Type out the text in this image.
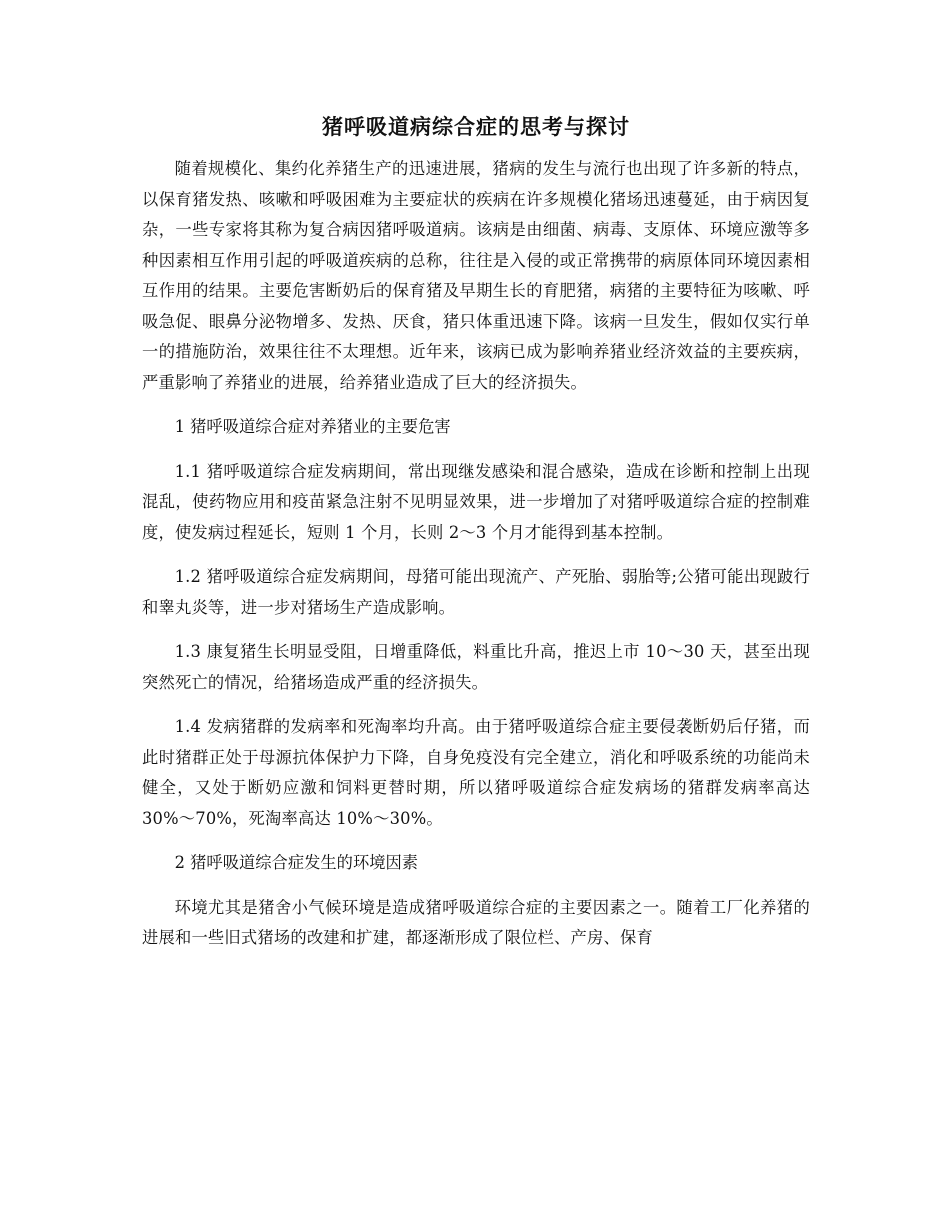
猪呼吸道病综合症的思考与探讨

随着规模化、集约化养猪生产的迅速进展，猪病的发生与流行也出现了许多新的特点，以保育猪发热、咳嗽和呼吸困难为主要症状的疾病在许多规模化猪场迅速蔓延，由于病因复杂，一些专家将其称为复合病因猪呼吸道病。该病是由细菌、病毒、支原体、环境应激等多种因素相互作用引起的呼吸道疾病的总称，往往是入侵的或正常携带的病原体同环境因素相互作用的结果。主要危害断奶后的保育猪及早期生长的育肥猪，病猪的主要特征为咳嗽、呼吸急促、眼鼻分泌物增多、发热、厌食，猪只体重迅速下降。该病一旦发生，假如仅实行单一的措施防治，效果往往不太理想。近年来，该病已成为影响养猪业经济效益的主要疾病，严重影响了养猪业的进展，给养猪业造成了巨大的经济损失。

1 猪呼吸道综合症对养猪业的主要危害

1.1 猪呼吸道综合症发病期间，常出现继发感染和混合感染，造成在诊断和控制上出现混乱，使药物应用和疫苗紧急注射不见明显效果，进一步增加了对猪呼吸道综合症的控制难度，使发病过程延长，短则 1 个月，长则 2～3 个月才能得到基本控制。

1.2 猪呼吸道综合症发病期间，母猪可能出现流产、产死胎、弱胎等;公猪可能出现跛行和睾丸炎等，进一步对猪场生产造成影响。

1.3 康复猪生长明显受阻，日增重降低，料重比升高，推迟上市 10～30 天，甚至出现突然死亡的情况，给猪场造成严重的经济损失。

1.4 发病猪群的发病率和死淘率均升高。由于猪呼吸道综合症主要侵袭断奶后仔猪，而此时猪群正处于母源抗体保护力下降，自身免疫没有完全建立，消化和呼吸系统的功能尚未健全，又处于断奶应激和饲料更替时期，所以猪呼吸道综合症发病场的猪群发病率高达 30%～70%，死淘率高达 10%～30%。

2 猪呼吸道综合症发生的环境因素

环境尤其是猪舍小气候环境是造成猪呼吸道综合症的主要因素之一。随着工厂化养猪的进展和一些旧式猪场的改建和扩建，都逐渐形成了限位栏、产房、保育
